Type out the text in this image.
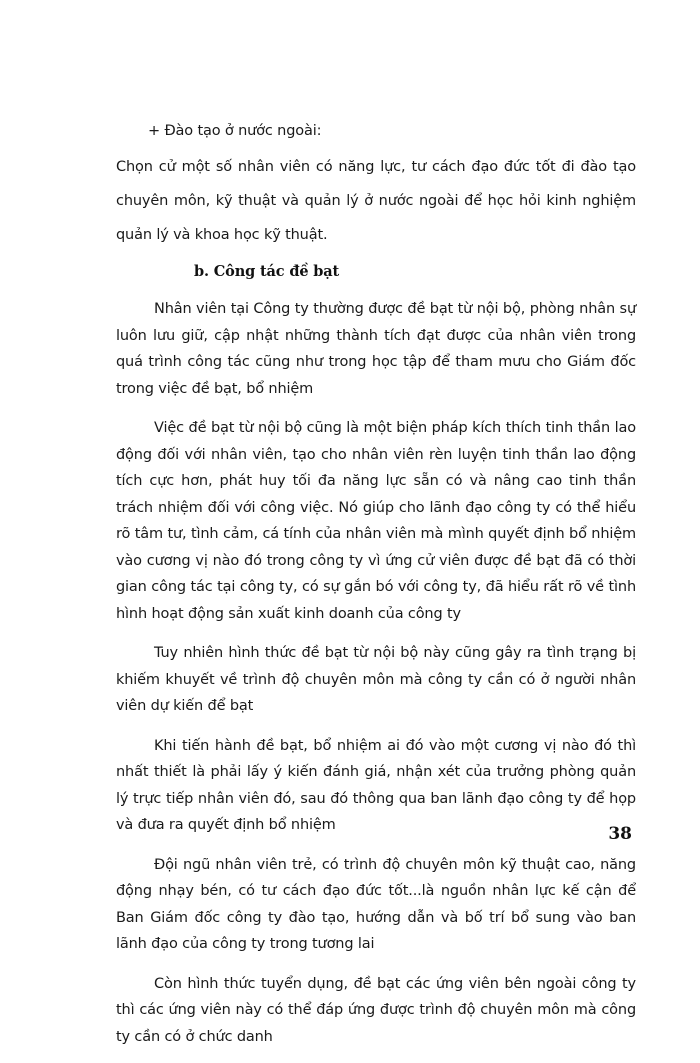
+ Đào tạo ở nước ngoài:

Chọn cử một số nhân viên có năng lực, tư cách đạo đức tốt đi đào tạo chuyên môn, kỹ thuật và quản lý ở nước ngoài để học hỏi kinh nghiệm quản lý và khoa học kỹ thuật.

b. Công tác đề bạt

Nhân viên tại Công ty thường được đề bạt từ nội bộ, phòng nhân sự luôn lưu giữ, cập nhật những thành tích đạt được của nhân viên trong quá trình công tác cũng như trong học tập để tham mưu cho Giám đốc trong việc đề bạt, bổ nhiệm

Việc đề bạt từ nội bộ cũng là một biện pháp kích thích tinh thần lao động đối với nhân viên, tạo cho nhân viên rèn luyện tinh thần lao động tích cực hơn, phát huy tối đa năng lực sẵn có và nâng cao tinh thần trách nhiệm đối với công việc. Nó giúp cho lãnh đạo công ty có thể hiểu rõ tâm tư, tình cảm, cá tính của nhân viên mà mình quyết định bổ nhiệm vào cương vị nào đó trong công ty vì ứng cử viên được đề bạt đã có thời gian công tác tại công ty, có sự gắn bó với công ty, đã hiểu rất rõ về tình hình hoạt động sản xuất kinh doanh của công ty

Tuy nhiên hình thức đề bạt từ nội bộ này cũng gây ra tình trạng bị khiếm khuyết về trình độ chuyên môn mà công ty cần có ở người nhân viên dự kiến để bạt

Khi tiến hành đề bạt, bổ nhiệm ai đó vào một cương vị nào đó thì nhất thiết là phải lấy ý kiến đánh giá, nhận xét của trưởng phòng quản lý trực tiếp nhân viên đó, sau đó thông qua ban lãnh đạo công ty để họp và đưa ra quyết định bổ nhiệm

Đội ngũ nhân viên trẻ, có trình độ chuyên môn kỹ thuật cao, năng động nhạy bén, có tư cách đạo đức tốt...là nguồn nhân lực kế cận để Ban Giám đốc công ty đào tạo, hướng dẫn và bố trí bổ sung vào ban lãnh đạo của công ty trong tương lai

Còn hình thức tuyển dụng, đề bạt các ứng viên bên ngoài công ty thì các ứng viên này có thể đáp ứng được trình độ chuyên môn mà công ty cần có ở chức danh

38
